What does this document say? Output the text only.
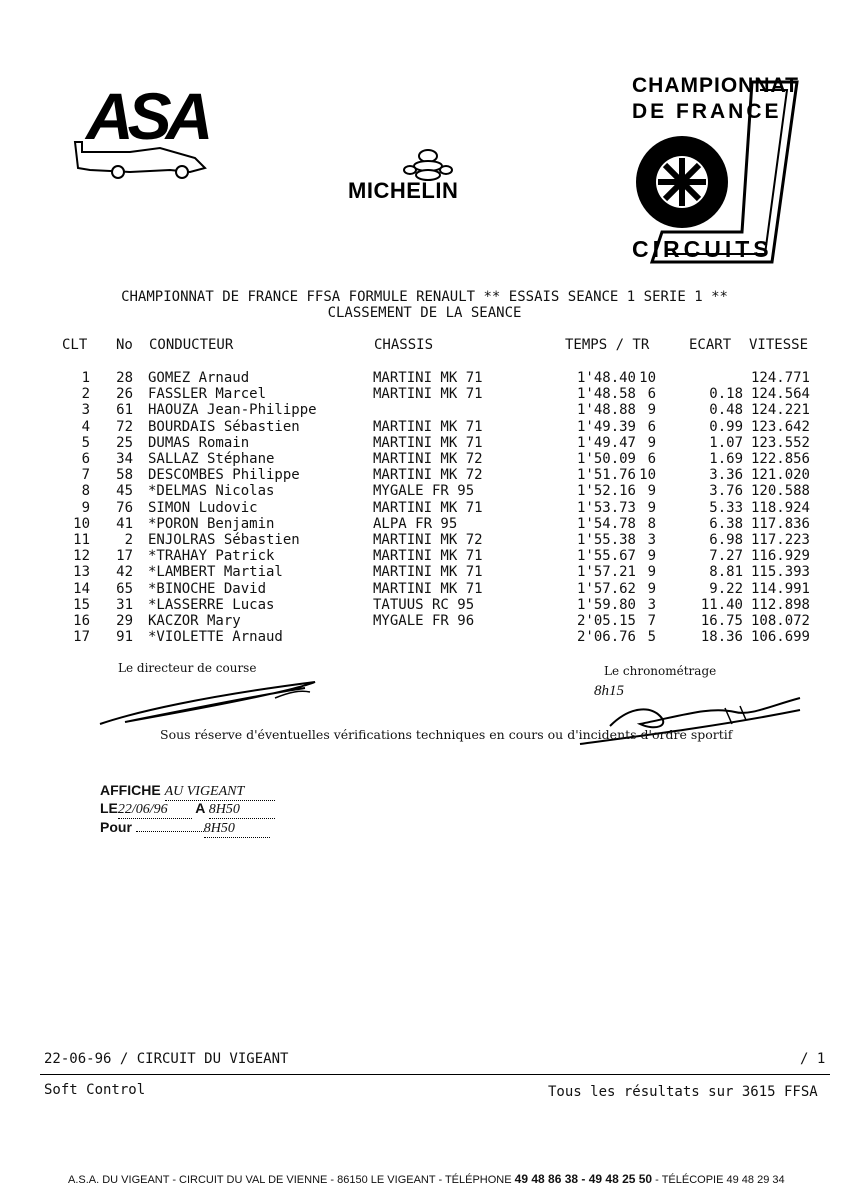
ASA
MICHELIN
CHAMPIONNAT
DE FRANCE
CIRCUITS
CHAMPIONNAT DE FRANCE FFSA FORMULE RENAULT ** ESSAIS SEANCE 1 SERIE 1 **
CLASSEMENT DE LA SEANCE
CLT No CONDUCTEUR	CHASSIS	TEMPS / TR	ECART VITESSE
1	28 GOMEZ Arnaud	MARTINI MK 71	1'48.40 10	124.771
2	26 FASSLER Marcel	MARTINI MK 71	1'48.58 6	0.18 124.564
3	61 HAOUZA Jean-Philippe	1'48.88 9	0.48 124.221
4	72 BOURDAIS Sébastien	MARTINI MK 71	1'49.39 6	0.99 123.642
5	25 DUMAS Romain	MARTINI MK 71	1'49.47 9	1.07 123.552
6	34 SALLAZ Stéphane	MARTINI MK 72	1'50.09 6	1.69 122.856
7	58 DESCOMBES Philippe	MARTINI MK 72	1'51.76 10	3.36 121.020
8	45 *DELMAS Nicolas	MYGALE FR 95	1'52.16 9	3.76 120.588
9	76 SIMON Ludovic	MARTINI MK 71	1'53.73 9	5.33 118.924
10	41 *PORON Benjamin	ALPA FR 95	1'54.78 8	6.38 117.836
11	2 ENJOLRAS Sébastien	MARTINI MK 72	1'55.38 3	6.98 117.223
12	17 *TRAHAY Patrick	MARTINI MK 71	1'55.67 9	7.27 116.929
13	42 *LAMBERT Martial	MARTINI MK 71	1'57.21 9	8.81 115.393
14	65 *BINOCHE David	MARTINI MK 71	1'57.62 9	9.22 114.991
15	31 *LASSERRE Lucas	TATUUS RC 95	1'59.80 3	11.40 112.898
16	29 KACZOR Mary	MYGALE FR 96	2'05.15 7	16.75 108.072
17	91 *VIOLETTE Arnaud	2'06.76 5	18.36 106.699
Le directeur de course	Le chronométrage
8h15
Sous réserve d'éventuelles vérifications techniques en cours ou d'incidents d'ordre sportif
AFFICHE AU VIGEANT
LE22/06/96 A 8H50
Pour	8H50
22-06-96 / CIRCUIT DU VIGEANT	/ 1
Soft Control	Tous les résultats sur 3615 FFSA
A.S.A. DU VIGEANT - CIRCUIT DU VAL DE VIENNE - 86150 LE VIGEANT - TÉLÉPHONE 49 48 86 38 - 49 48 25 50 - TÉLÉCOPIE 49 48 29 34
